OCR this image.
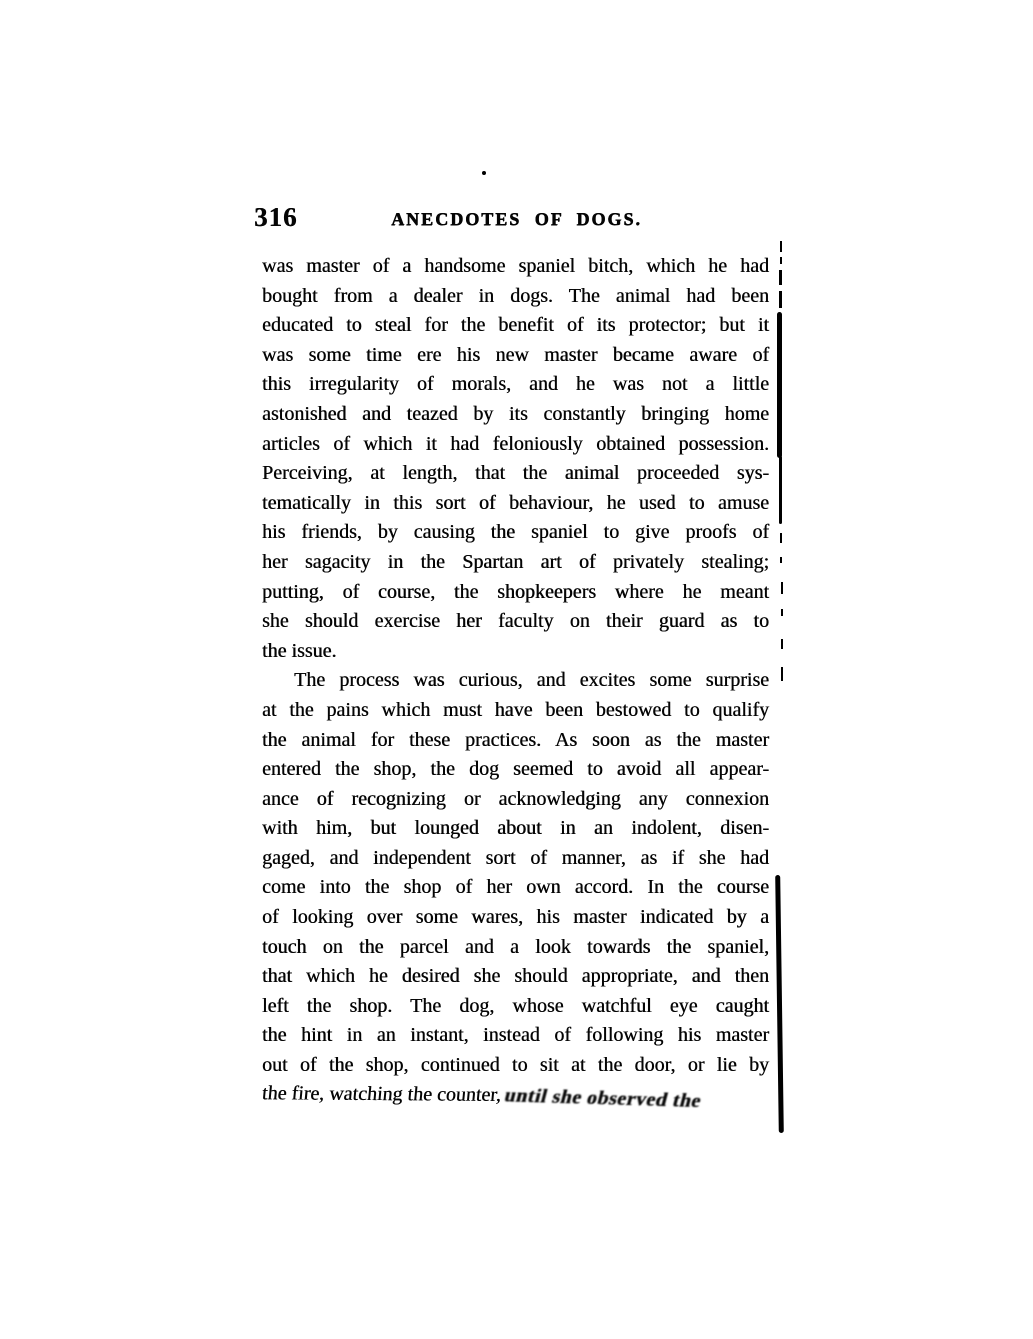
316	ANECDOTES OF DOGS.
was master of a handsome spaniel bitch, which he had
bought from a dealer in dogs. The animal had been
educated to steal for the benefit of its protector; but it
was some time ere his new master became aware of
this irregularity of morals, and he was not a little
astonished and teazed by its constantly bringing home
articles of which it had feloniously obtained possession.
Perceiving, at length, that the animal proceeded sys-
tematically in this sort of behaviour, he used to amuse
his friends, by causing the spaniel to give proofs of
her sagacity in the Spartan art of privately stealing;
putting, of course, the shopkeepers where he meant
she should exercise her faculty on their guard as to
the issue.
The process was curious, and excites some surprise
at the pains which must have been bestowed to qualify
the animal for these practices. As soon as the master
entered the shop, the dog seemed to avoid all appear-
ance of recognizing or acknowledging any connexion
with him, but lounged about in an indolent, disen-
gaged, and independent sort of manner, as if she had
come into the shop of her own accord. In the course
of looking over some wares, his master indicated by a
touch on the parcel and a look towards the spaniel,
that which he desired she should appropriate, and then
left the shop. The dog, whose watchful eye caught
the hint in an instant, instead of following his master
out of the shop, continued to sit at the door, or lie by
the fire, watching the counter,until she observed the
